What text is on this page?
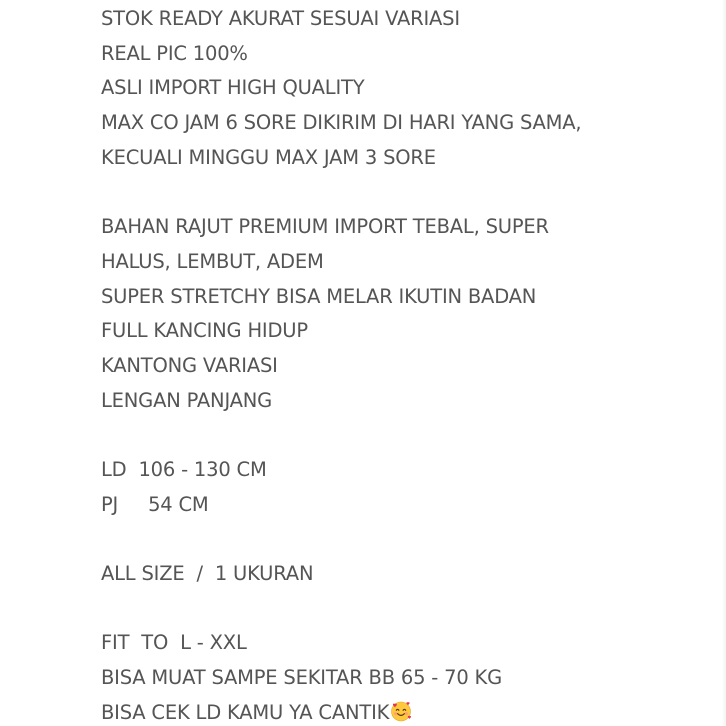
STOK READY AKURAT SESUAI VARIASI
REAL PIC 100%
ASLI IMPORT HIGH QUALITY
MAX CO JAM 6 SORE DIKIRIM DI HARI YANG SAMA,
KECUALI MINGGU MAX JAM 3 SORE
BAHAN RAJUT PREMIUM IMPORT TEBAL, SUPER
HALUS, LEMBUT, ADEM
SUPER STRETCHY BISA MELAR IKUTIN BADAN
FULL KANCING HIDUP
KANTONG VARIASI
LENGAN PANJANG
LD  106 - 130 CM
PJ     54 CM
ALL SIZE  /  1 UKURAN
FIT  TO  L - XXL
BISA MUAT SAMPE SEKITAR BB 65 - 70 KG
BISA CEK LD KAMU YA CANTIK
